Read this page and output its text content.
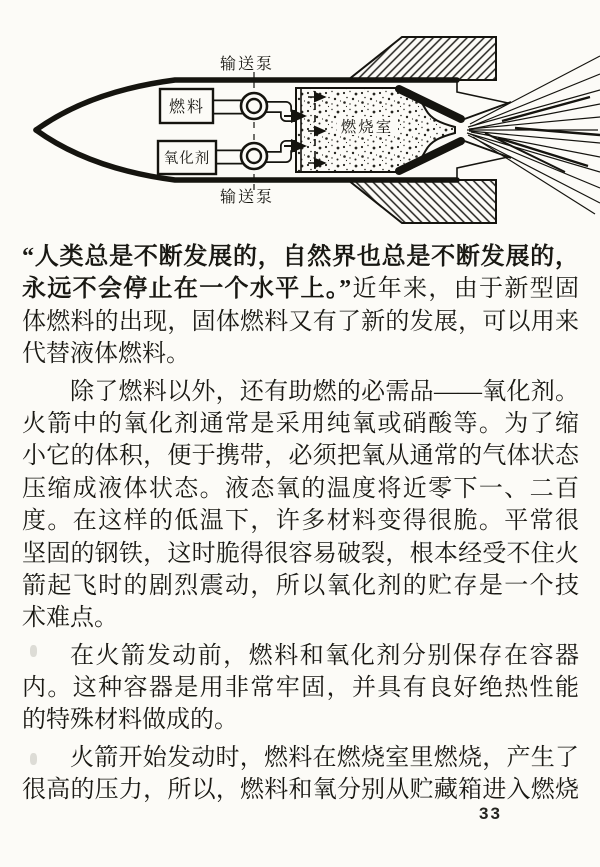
燃料
氧化剂
燃烧室
输送泵
输送泵
“人类总是不断发展的，自然界也总是不断发展的，
永远不会停止在一个水平上。”近年来，由于新型固
体燃料的出现，固体燃料又有了新的发展，可以用来
代替液体燃料。
除了燃料以外，还有助燃的必需品——氧化剂。
火箭中的氧化剂通常是采用纯氧或硝酸等。为了缩
小它的体积，便于携带，必须把氧从通常的气体状态
压缩成液体状态。液态氧的温度将近零下一、二百
度。在这样的低温下，许多材料变得很脆。平常很
坚固的钢铁，这时脆得很容易破裂，根本经受不住火
箭起飞时的剧烈震动，所以氧化剂的贮存是一个技
术难点。
在火箭发动前，燃料和氧化剂分别保存在容器
内。这种容器是用非常牢固，并具有良好绝热性能
的特殊材料做成的。
火箭开始发动时，燃料在燃烧室里燃烧，产生了
很高的压力，所以，燃料和氧分别从贮藏箱进入燃烧
33
